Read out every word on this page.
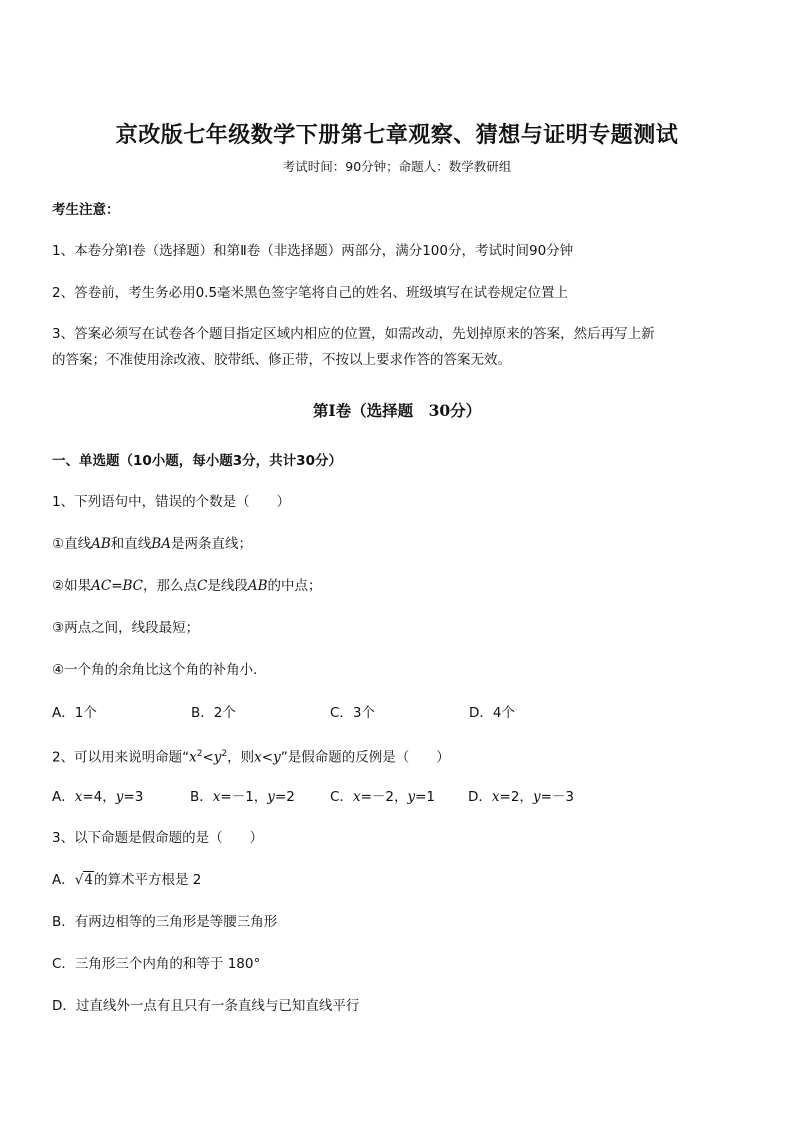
京改版七年级数学下册第七章观察、猜想与证明专题测试
考试时间：90分钟；命题人：数学教研组
考生注意：
1、本卷分第Ⅰ卷（选择题）和第Ⅱ卷（非选择题）两部分，满分100分，考试时间90分钟
2、答卷前，考生务必用0.5毫米黑色签字笔将自己的姓名、班级填写在试卷规定位置上
3、答案必须写在试卷各个题目指定区域内相应的位置，如需改动，先划掉原来的答案，然后再写上新
的答案；不准使用涂改液、胶带纸、修正带，不按以上要求作答的答案无效。
第Ⅰ卷（选择题　30分）
一、单选题（10小题，每小题3分，共计30分）
1、下列语句中，错误的个数是（　　）
①直线AB和直线BA是两条直线；
②如果AC=BC，那么点C是线段AB的中点；
③两点之间，线段最短；
④一个角的余角比这个角的补角小．
A．1个	B．2个	C．3个	D．4个
2、可以用来说明命题“$x^2<y^2$，则x<y”是假命题的反例是（　　）
A．x=4，y=3	B．x=－1，y=2	C．x=－2，y=1 D．x=2，y=－3
3、以下命题是假命题的是（　　）
A．√4的算术平方根是 2
B．有两边相等的三角形是等腰三角形
C．三角形三个内角的和等于 180°
D．过直线外一点有且只有一条直线与已知直线平行
